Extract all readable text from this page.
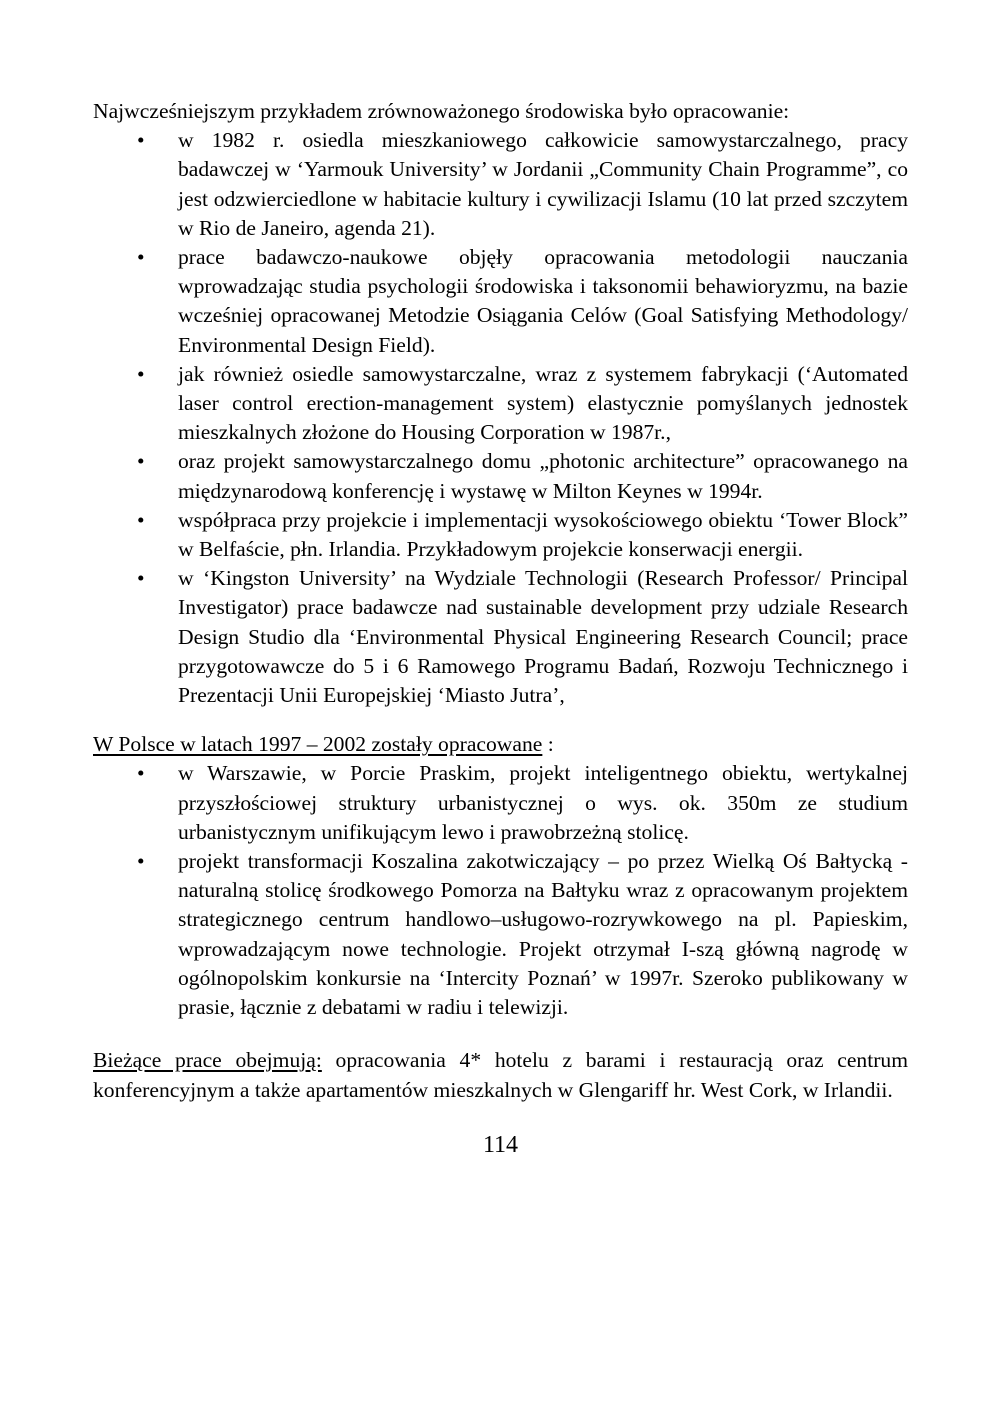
Najwcześniejszym przykładem zrównoważonego środowiska było opracowanie:

• w 1982 r. osiedla mieszkaniowego całkowicie samowystarczalnego, pracy badawczej w ‘Yarmouk University’ w Jordanii „Community Chain Programme”, co jest odzwierciedlone w habitacie kultury i cywilizacji Islamu (10 lat przed szczytem w Rio de Janeiro, agenda 21).
• prace badawczo-naukowe objęły opracowania metodologii nauczania wprowadzając studia psychologii środowiska i taksonomii behawioryzmu, na bazie wcześniej opracowanej Metodzie Osiągania Celów (Goal Satisfying Methodology/ Environmental Design Field).
• jak również osiedle samowystarczalne, wraz z systemem fabrykacji (‘Automated laser control erection-management system) elastycznie pomyślanych jednostek mieszkalnych złożone do Housing Corporation w 1987r.,
• oraz projekt samowystarczalnego domu „photonic architecture” opracowanego na międzynarodową konferencję i wystawę w Milton Keynes w 1994r.
• współpraca przy projekcie i implementacji wysokościowego obiektu ‘Tower Block” w Belfaście, płn. Irlandia. Przykładowym projekcie konserwacji energii.
• w ‘Kingston University’ na Wydziale Technologii (Research Professor/ Principal Investigator) prace badawcze nad sustainable development przy udziale Research Design Studio dla ‘Environmental Physical Engineering Research Council; prace przygotowawcze do 5 i 6 Ramowego Programu Badań, Rozwoju Technicznego i Prezentacji Unii Europejskiej ‘Miasto Jutra’,

W Polsce w latach 1997 – 2002 zostały opracowane :

• w Warszawie, w Porcie Praskim, projekt inteligentnego obiektu, wertykalnej przyszłościowej struktury urbanistycznej o wys. ok. 350m ze studium urbanistycznym unifikującym lewo i prawobrzeżną stolicę.
• projekt transformacji Koszalina zakotwiczający – po przez Wielką Oś Bałtycką - naturalną stolicę środkowego Pomorza na Bałtyku wraz z opracowanym projektem strategicznego centrum handlowo–usługowo-rozrywkowego na pl. Papieskim, wprowadzającym nowe technologie. Projekt otrzymał I-szą główną nagrodę w ogólnopolskim konkursie na ‘Intercity Poznań’ w 1997r. Szeroko publikowany w prasie, łącznie z debatami w radiu i telewizji.

Bieżące prace obejmują: opracowania 4* hotelu z barami i restauracją oraz centrum konferencyjnym a także apartamentów mieszkalnych w Glengariff hr. West Cork, w Irlandii.

114
